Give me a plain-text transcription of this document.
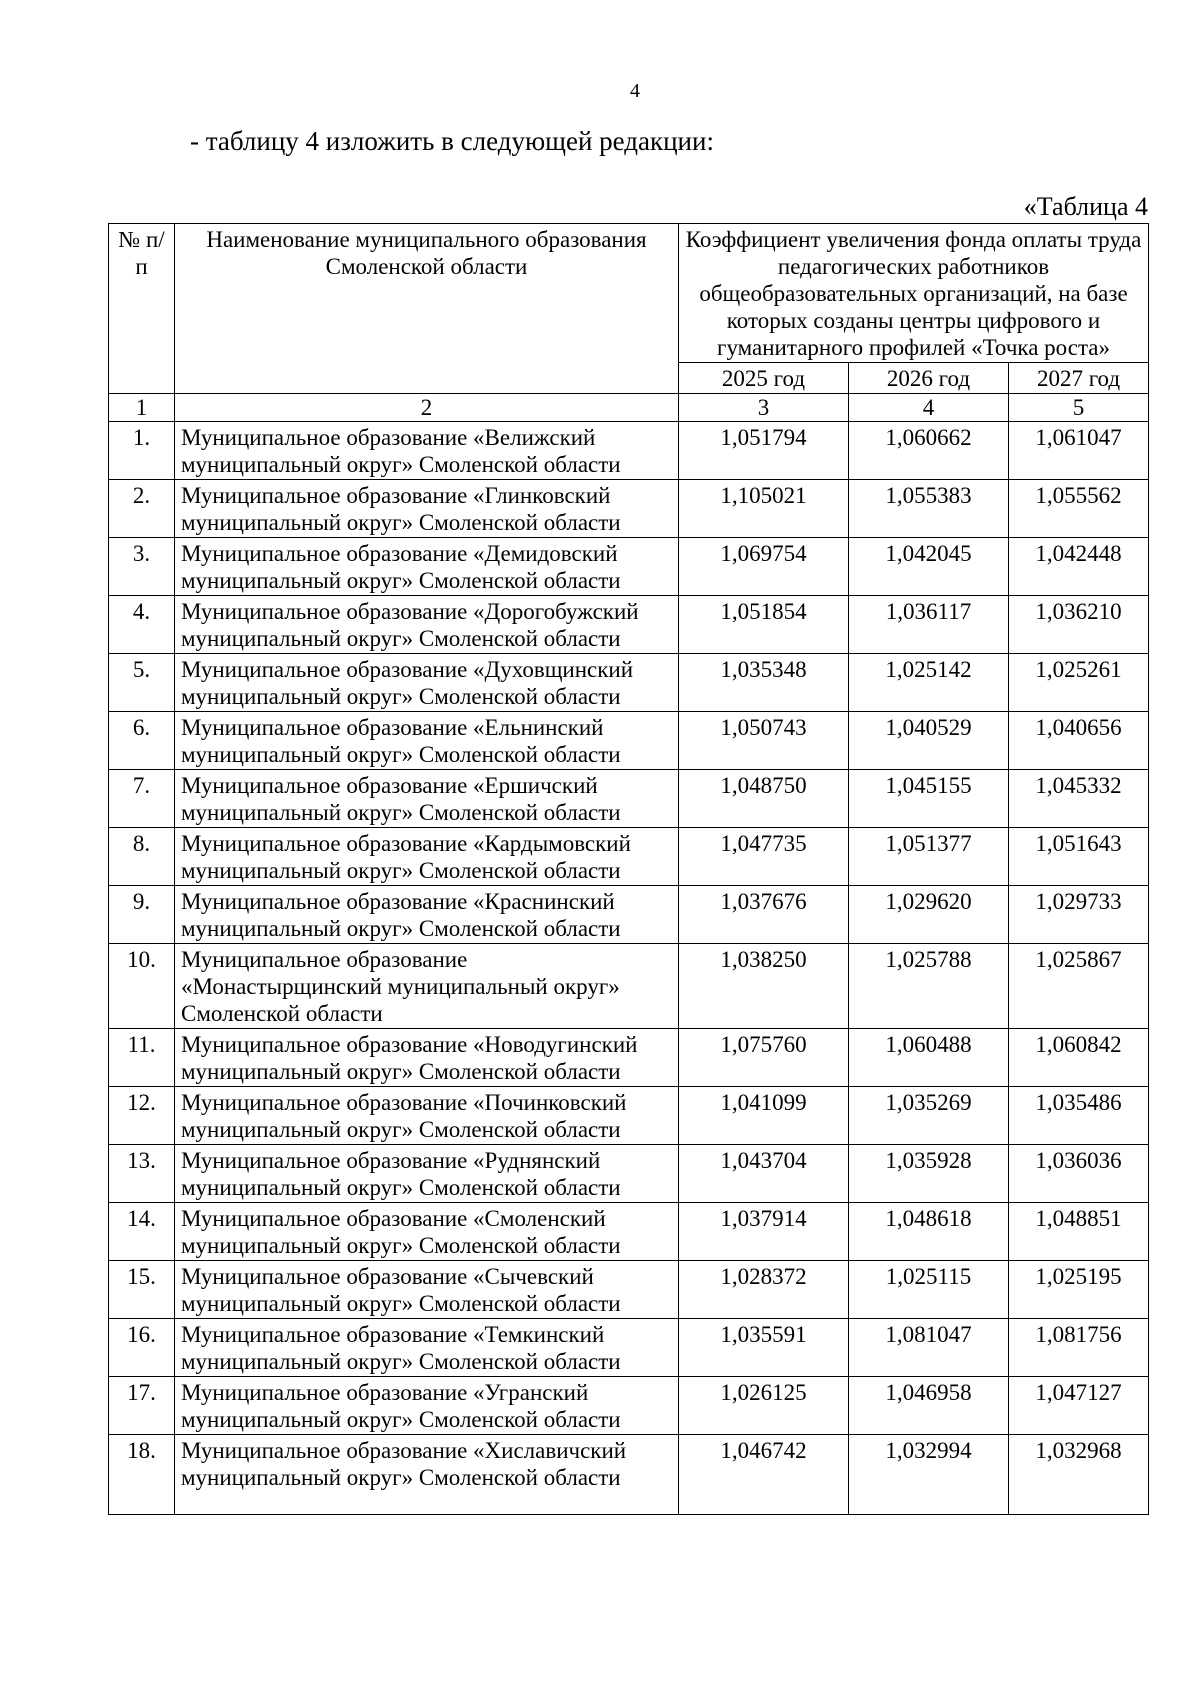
4
- таблицу 4 изложить в следующей редакции:
«Таблица 4
№ п/п	Наименование муниципального образования Смоленской области	Коэффициент увеличения фонда оплаты труда педагогических работников общеобразовательных организаций, на базе которых созданы центры цифрового и гуманитарного профилей «Точка роста»		
		2025 год	2026 год	2027 год
1	2	3	4	5
1.	Муниципальное образование «Велижский муниципальный округ» Смоленской области	1,051794	1,060662	1,061047
2.	Муниципальное образование «Глинковский муниципальный округ» Смоленской области	1,105021	1,055383	1,055562
3.	Муниципальное образование «Демидовский муниципальный округ» Смоленской области	1,069754	1,042045	1,042448
4.	Муниципальное образование «Дорогобужский муниципальный округ» Смоленской области	1,051854	1,036117	1,036210
5.	Муниципальное образование «Духовщинский муниципальный округ» Смоленской области	1,035348	1,025142	1,025261
6.	Муниципальное образование «Ельнинский муниципальный округ» Смоленской области	1,050743	1,040529	1,040656
7.	Муниципальное образование «Ершичский муниципальный округ» Смоленской области	1,048750	1,045155	1,045332
8.	Муниципальное образование «Кардымовский муниципальный округ» Смоленской области	1,047735	1,051377	1,051643
9.	Муниципальное образование «Краснинский муниципальный округ» Смоленской области	1,037676	1,029620	1,029733
10.	Муниципальное образование «Монастырщинский муниципальный округ» Смоленской области	1,038250	1,025788	1,025867
11.	Муниципальное образование «Новодугинский муниципальный округ» Смоленской области	1,075760	1,060488	1,060842
12.	Муниципальное образование «Починковский муниципальный округ» Смоленской области	1,041099	1,035269	1,035486
13.	Муниципальное образование «Руднянский муниципальный округ» Смоленской области	1,043704	1,035928	1,036036
14.	Муниципальное образование «Смоленский муниципальный округ» Смоленской области	1,037914	1,048618	1,048851
15.	Муниципальное образование «Сычевский муниципальный округ» Смоленской области	1,028372	1,025115	1,025195
16.	Муниципальное образование «Темкинский муниципальный округ» Смоленской области	1,035591	1,081047	1,081756
17.	Муниципальное образование «Угранский муниципальный округ» Смоленской области	1,026125	1,046958	1,047127
18.	Муниципальное образование «Хиславичский муниципальный округ» Смоленской области	1,046742	1,032994	1,032968
